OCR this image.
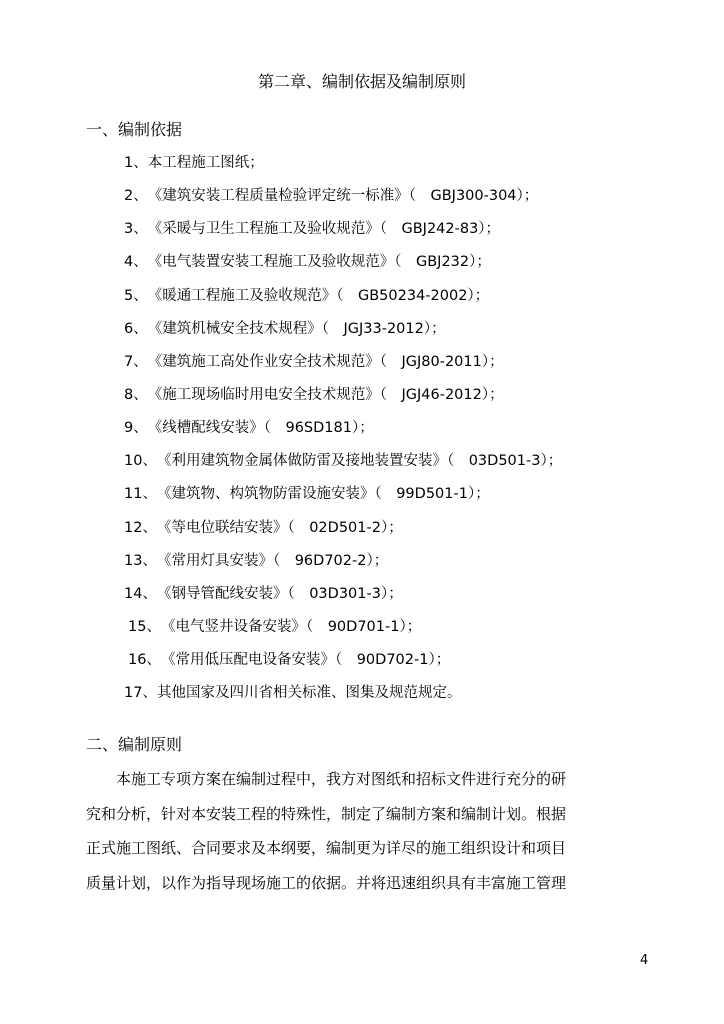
第二章、编制依据及编制原则
一、编制依据
1、本工程施工图纸；
2、《建筑安装工程质量检验评定统一标准》（　GBJ300-304）；
3、《采暖与卫生工程施工及验收规范》（　GBJ242-83）；
4、《电气装置安装工程施工及验收规范》（　GBJ232）；
5、《暖通工程施工及验收规范》（　GB50234-2002）；
6、《建筑机械安全技术规程》（　JGJ33-2012）；
7、《建筑施工高处作业安全技术规范》（　JGJ80-2011）；
8、《施工现场临时用电安全技术规范》（　JGJ46-2012）；
9、《线槽配线安装》（　96SD181）；
10、《利用建筑物金属体做防雷及接地装置安装》（　03D501-3）；
11、《建筑物、构筑物防雷设施安装》（　99D501-1）；
12、《等电位联结安装》（　02D501-2）；
13、《常用灯具安装》（　96D702-2）；
14、《钢导管配线安装》（　03D301-3）；
15、《电气竖井设备安装》（　90D701-1）；
16、《常用低压配电设备安装》（　90D702-1）；
17、其他国家及四川省相关标准、图集及规范规定。
二、编制原则
　　本施工专项方案在编制过程中，我方对图纸和招标文件进行充分的研
究和分析，针对本安装工程的特殊性，制定了编制方案和编制计划。根据
正式施工图纸、合同要求及本纲要，编制更为详尽的施工组织设计和项目
质量计划，以作为指导现场施工的依据。并将迅速组织具有丰富施工管理
4
